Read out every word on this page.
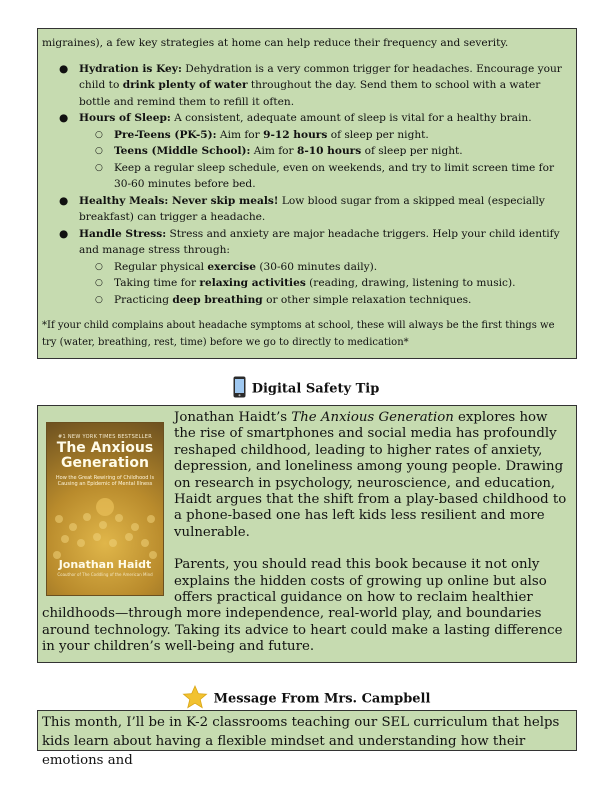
migraines), a few key strategies at home can help reduce their frequency and severity.

● Hydration is Key: Dehydration is a very common trigger for headaches. Encourage your child to drink plenty of water throughout the day. Send them to school with a water bottle and remind them to refill it often.
● Hours of Sleep: A consistent, adequate amount of sleep is vital for a healthy brain.
○ Pre-Teens (PK-5): Aim for 9-12 hours of sleep per night.
○ Teens (Middle School): Aim for 8-10 hours of sleep per night.
○ Keep a regular sleep schedule, even on weekends, and try to limit screen time for 30-60 minutes before bed.
● Healthy Meals: Never skip meals! Low blood sugar from a skipped meal (especially breakfast) can trigger a headache.
● Handle Stress: Stress and anxiety are major headache triggers. Help your child identify and manage stress through:
○ Regular physical exercise (30-60 minutes daily).
○ Taking time for relaxing activities (reading, drawing, listening to music).
○ Practicing deep breathing or other simple relaxation techniques.

*If your child complains about headache symptoms at school, these will always be the first things we try (water, breathing, rest, time) before we go to directly to medication*

Digital Safety Tip
#1 NEW YORK TIMES BESTSELLER
The Anxious Generation
How the Great Rewiring of Childhood Is Causing an Epidemic of Mental Illness
Jonathan Haidt
Coauthor of The Coddling of the American Mind

Jonathan Haidt’s The Anxious Generation explores how the rise of smartphones and social media has profoundly reshaped childhood, leading to higher rates of anxiety, depression, and loneliness among young people. Drawing on research in psychology, neuroscience, and education, Haidt argues that the shift from a play-based childhood to a phone-based one has left kids less resilient and more vulnerable.

Parents, you should read this book because it not only explains the hidden costs of growing up online but also offers practical guidance on how to reclaim healthier childhoods—through more independence, real-world play, and boundaries around technology. Taking its advice to heart could make a lasting difference in your children’s well-being and future.

Message From Mrs. Campbell

This month, I’ll be in K-2 classrooms teaching our SEL curriculum that helps kids learn about having a flexible mindset and understanding how their emotions and
